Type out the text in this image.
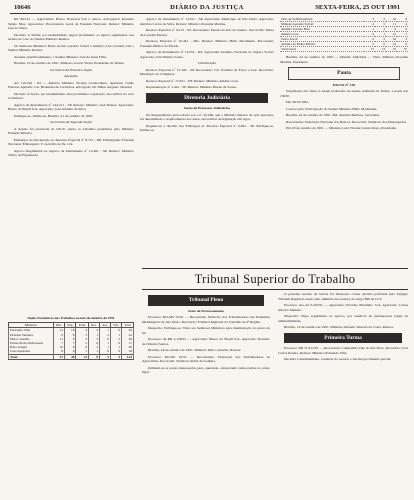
10646	DIÁRIO DA JUSTIÇA	SEXTA-FEIRA, 25 OUT 1991

RE 99/141 — Agravantes: Banco Nacional S/A e outros. Advogados: Ronaldo Sérgio Dias. Agravados: Procuradoria Geral da Fazenda Nacional. Relator: Ministro Garcia Vieira.

Decisão: A Turma, por unanimidade, negou provimento ao agravo regimental, nos termos do voto do Senhor Ministro Relator.

Os Senhores Ministros Pedro Acioli, Geraldo Sobral e Américo Luz votaram com o Senhor Ministro Relator.

Ausente, justificadamente, o Senhor Ministro José de Jesus Filho.

Brasília, 23 de outubro de 1991. Ministro Garcia Vieira, Presidente da Turma.

Secretaria da Primeira Seção

Apelação

AC 119.542 - RJ — Relator: Ministro Vicente Cernicchiaro. Apelante: União Federal. Apelado: Cia. Brasileira de Cartuchos. Advogado: Dr. Mário Augusto Teixeira.

Decisão: A Seção, por unanimidade, deu provimento à apelação, nos termos do voto do Relator.

Agravo de Instrumento nº 144.211 - SP. Relator: Ministro José Dantas. Agravante: Banco do Brasil S/A. Agravado: José Antônio da Silva.

Publique-se. Intime-se. Brasília, 21 de outubro de 1991.

Secretaria da Segunda Seção

A Sessão foi encerrada às 12h10, sendo os trabalhos presididos pelo Ministro Eduardo Ribeiro.

Embargos de Declaração no Recurso Especial nº 8.751 - PR. Embargante: Fazenda Nacional. Embargado: V. Acórdão de fls. 114.

Agravo Regimental no Agravo de Instrumento nº 12.461 - SP. Relator: Ministro Sálvio de Figueiredo.

Agravo de Instrumento nº 13.911 - SP. Agravante: Município de São Paulo. Agravado: Antônio Carlos da Silva. Relator: Ministro Peçanha Martins.

Recurso Especial nº 9.213 - RJ. Recorrente: Estado do Rio de Janeiro. Recorrido: Maria de Lourdes Pereira.

Recurso Especial nº 10.441 - MG. Relator: Ministro Hélio Mosimann. Recorrente: Fazenda Pública do Estado.

Agravo de Instrumento nº 14.052 - RS. Agravante: Instituto Nacional do Seguro Social. Agravado: João Batista Souza.

Distribuição

Recurso Especial nº 15.320 - SP. Recorrente: Cia. Paulista de Força e Luz. Recorrido: Município de Campinas.

Recurso Especial nº 15.321 - DF. Relator: Ministro Américo Luz.

Representação nº 1.441 - SP. Relator: Ministro Bueno de Souza.

Diretoria Judiciária

Seção de Processos Judiciários

No Requerimento protocolado sob o nº 42.180, que o Ministro Relator da ação apreciou, foi determinado o arquivamento dos autos, nos termos da legislação em vigor.

Registre-se a decisão dos Embargos no Recurso Especial nº 6.402 - SP. Publique-se. Intime-se.

Júlio de Sá Bierrenbach	3	2	16	8
Ministro Geraldo Sobral	2	5	11	4
Antônio Torreão Braz	1	3	9	6
Américo Luz	4	1	12	7
Pedro Acioli	2	2	10	3
Antônio de Pádua Ribeiro	5	0	14	9
Total Geral	17	13	72	37

Brasília, 24 de outubro de 1991 — Divisão Judiciária — Visto: Ministro Peçanha Martins, Presidente.

Pauta

PAUTA Nº 136

Julgamento dos feitos a serem realizados na sessão ordinária da Turma, a partir das 13h30.

Dia 30/10/1991.

Convocação: Participação do Senhor Ministro Hélio Mosimann.

Brasília, 24 de outubro de 1991. Bel. Antônio Barbosa, Secretário.

Recorrentes: Federação Nacional dos Bancos. Recorrido: Sindicato dos Empregados.

Em 18 de outubro de 1991 — Ministro Luiz Vicente Cernicchiaro, Presidente.

Tribunal Superior do Trabalho
Tribunal Pleno

Setor de Processamento

Processo: RO-MS 52/91 — Recorrente: Sindicato dos Trabalhadores nas Indústrias Metalúrgicas de São Paulo. Recorrido: Tribunal Regional do Trabalho da 2ª Região.

Despacho: Publique-se. Vista aos Senhores Ministros para manifestação no prazo de lei.

Processo: AI-RR 4.126/91 — Agravante: Banco do Brasil S/A. Agravado: Ronaldo de Oliveira Santos.

Brasília, 18 de outubro de 1991. Ministro Marco Aurélio, Relator.

Processo: RO-DC 91/91 — Recorrentes: Federação dos Trabalhadores na Agricultura. Recorrido: Sindicato Rural de Goiânia.

Intimem-se as partes interessadas para, querendo, oferecerem contra-razões no prazo legal.

O presente recurso de revista foi interposto contra decisão proferida pelo Egrégio Tribunal Regional, tendo sido admitido nos termos do artigo 896 da CLT.

Processo: AG-AI 3.210/91 — Agravante: Petróleo Brasileiro S/A. Agravado: Carlos Alberto Mendes.

Despacho: Nego seguimento ao agravo, por ausência de pressupostos legais de admissibilidade.

Brasília, 19 de outubro de 1991. Ministro Orlando Teixeira da Costa, Relator.

Primeira Turma

Processo: RR 37.412/91 — Recorrente: Companhia Vale do Rio Doce. Recorrido: José Carlos Pereira. Relator: Ministro Fernando Vilar.

Decisão: Unanimemente, conhecer do recurso e dar-lhe provimento parcial.

Dados Estatísticos dos Trabalhos no mês de outubro de 1991
Ministros	Dist.	Julg.	Pend.	Rec.	Arq.	Vist.	Total
Fernando Vilar	12	10	4	2	1	0	29
Orlando Teixeira	9	8	3	1	2	1	24
Marco Aurélio	11	9	5	3	0	2	30
Ermes Pedro Pedrassani	7	7	2	0	1	0	17
Hylo Gurgel	10	6	6	2	1	1	26
José Ajuricaba	8	8	1	1	0	0	18
Total	57	48	21	9	5	4	144
